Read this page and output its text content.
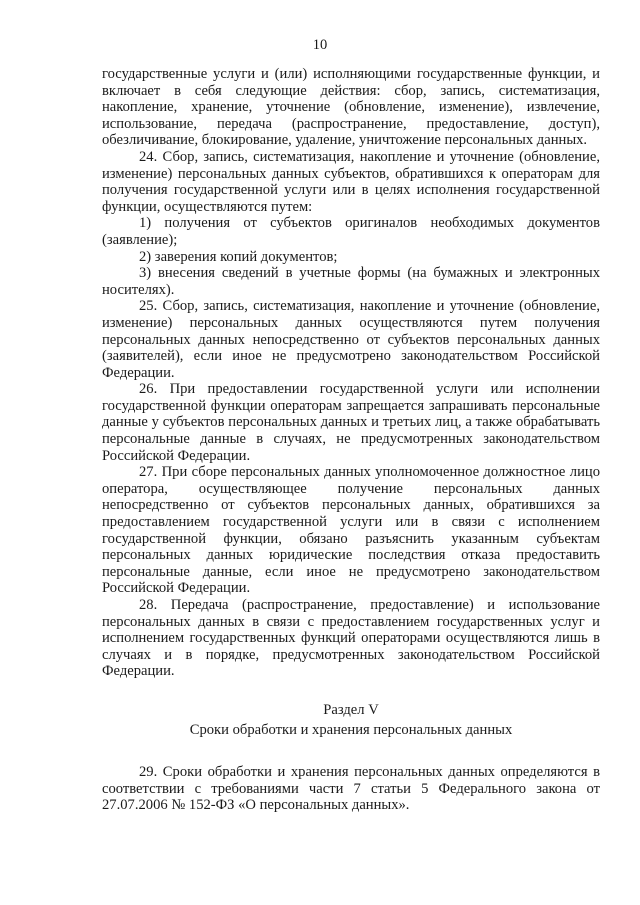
10

государственные услуги и (или) исполняющими государственные функции, и включает в себя следующие действия: сбор, запись, систематизация, накопление, хранение, уточнение (обновление, изменение), извлечение, использование, передача (распространение, предоставление, доступ), обезличивание, блокирование, удаление, уничтожение персональных данных.

24. Сбор, запись, систематизация, накопление и уточнение (обновление, изменение) персональных данных субъектов, обратившихся к операторам для получения государственной услуги или в целях исполнения государственной функции, осуществляются путем:

1) получения от субъектов оригиналов необходимых документов (заявление);

2) заверения копий документов;

3) внесения сведений в учетные формы (на бумажных и электронных носителях).

25. Сбор, запись, систематизация, накопление и уточнение (обновление, изменение) персональных данных осуществляются путем получения персональных данных непосредственно от субъектов персональных данных (заявителей), если иное не предусмотрено законодательством Российской Федерации.

26. При предоставлении государственной услуги или исполнении государственной функции операторам запрещается запрашивать персональные данные у субъектов персональных данных и третьих лиц, а также обрабатывать персональные данные в случаях, не предусмотренных законодательством Российской Федерации.

27. При сборе персональных данных уполномоченное должностное лицо оператора, осуществляющее получение персональных данных непосредственно от субъектов персональных данных, обратившихся за предоставлением государственной услуги или в связи с исполнением государственной функции, обязано разъяснить указанным субъектам персональных данных юридические последствия отказа предоставить персональные данные, если иное не предусмотрено законодательством Российской Федерации.

28. Передача (распространение, предоставление) и использование персональных данных в связи с предоставлением государственных услуг и исполнением государственных функций операторами осуществляются лишь в случаях и в порядке, предусмотренных законодательством Российской Федерации.

Раздел V
Сроки обработки и хранения персональных данных

29. Сроки обработки и хранения персональных данных определяются в соответствии с требованиями части 7 статьи 5 Федерального закона от 27.07.2006 № 152-ФЗ «О персональных данных».
